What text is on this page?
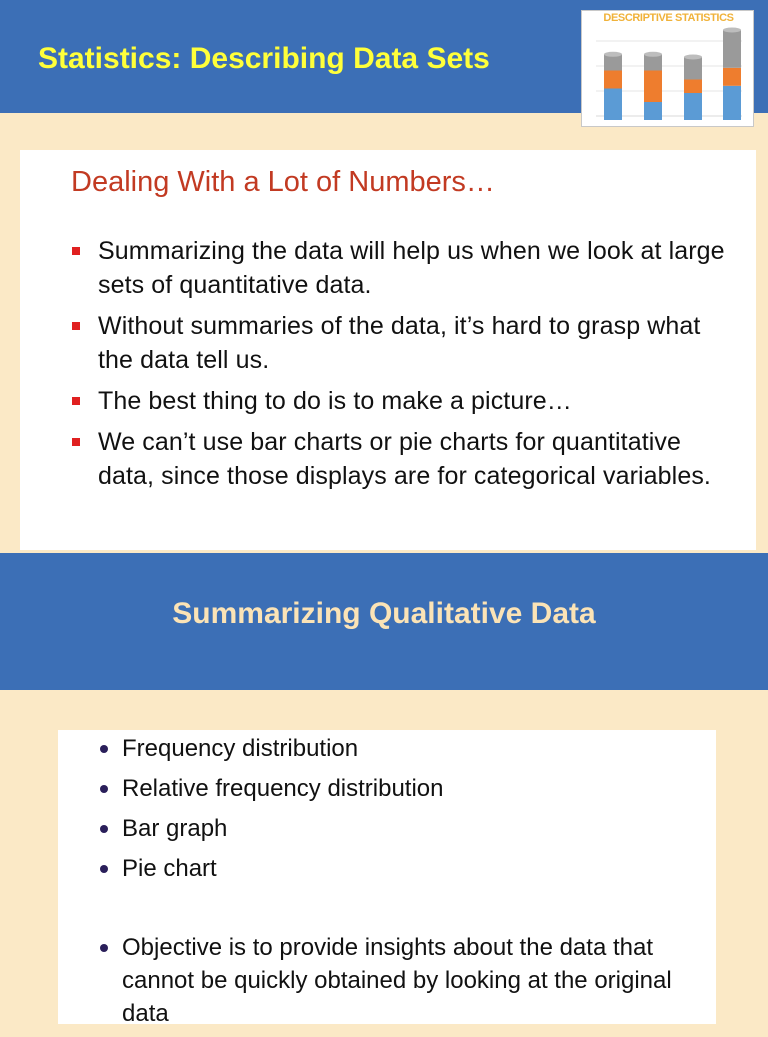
Statistics: Describing Data Sets
DESCRIPTIVE STATISTICS
Dealing With a Lot of Numbers…
Summarizing the data will help us when we look at large sets of quantitative data.
Without summaries of the data, it’s hard to grasp what the data tell us.
The best thing to do is to make a picture…
We can’t use bar charts or pie charts for quantitative data, since those displays are for categorical variables.
Summarizing Qualitative Data
Frequency distribution
Relative frequency distribution
Bar graph
Pie chart
Objective is to provide insights about the data that cannot be quickly obtained by looking at the original data
